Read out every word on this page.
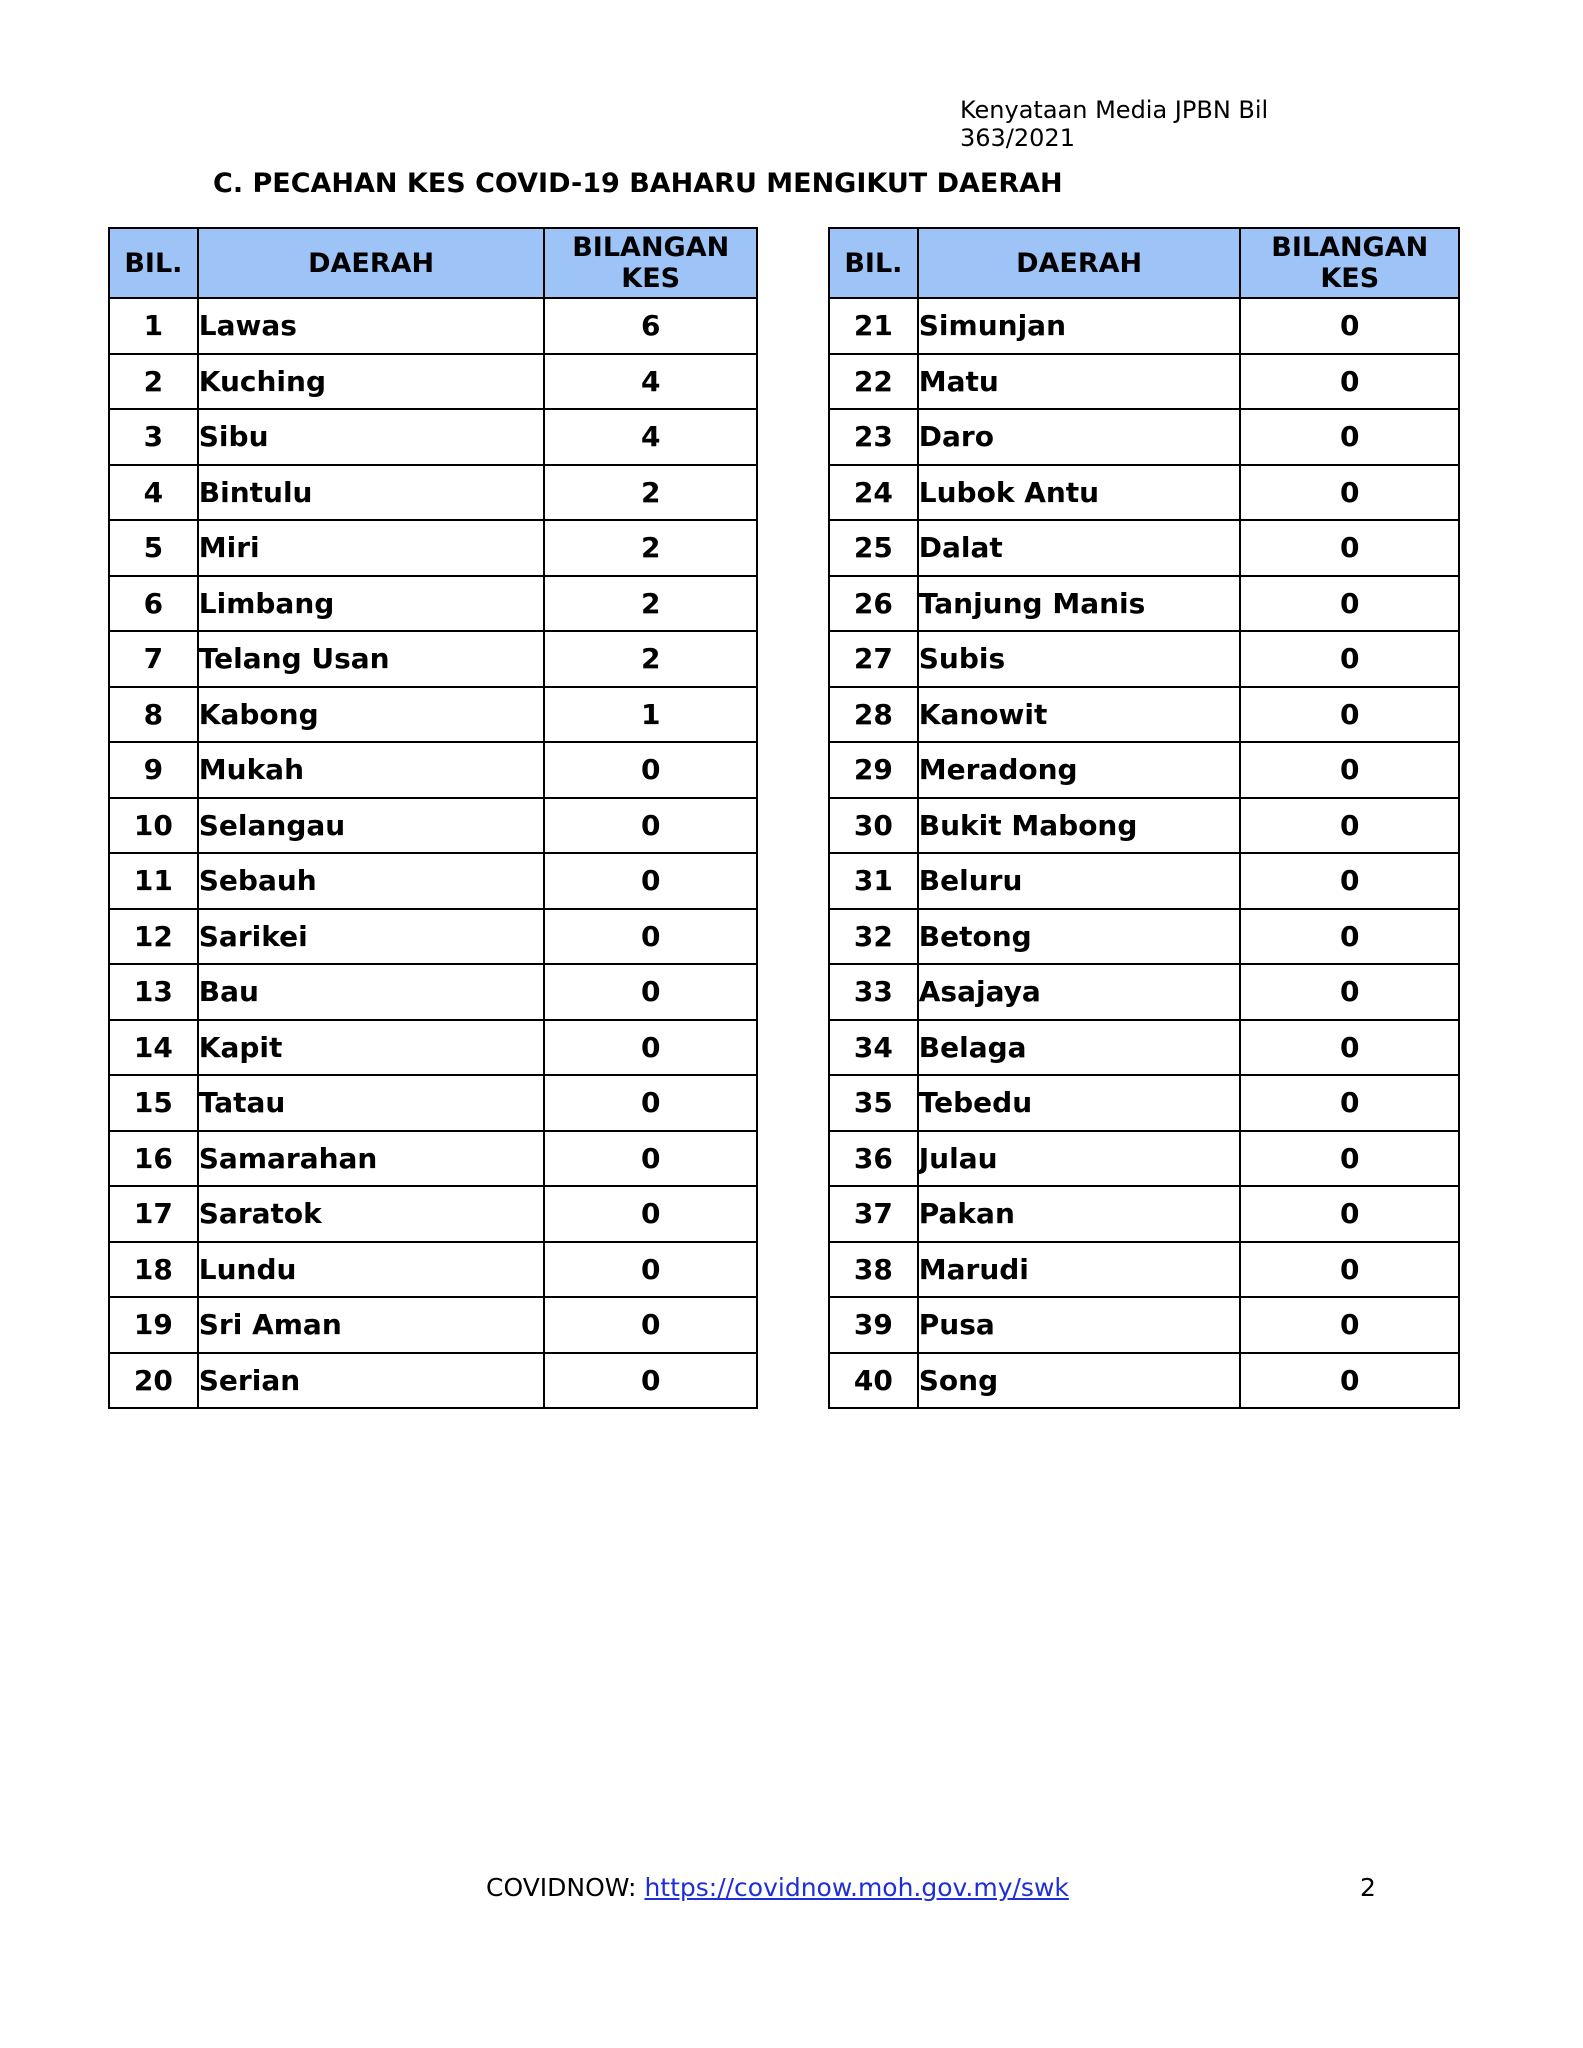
Kenyataan Media JPBN Bil 363/2021
C. PECAHAN KES COVID-19 BAHARU MENGIKUT DAERAH
BIL.	DAERAH	BILANGAN
KES
1	Lawas	6
2	Kuching	4
3	Sibu	4
4	Bintulu	2
5	Miri	2
6	Limbang	2
7	Telang Usan	2
8	Kabong	1
9	Mukah	0
10	Selangau	0
11	Sebauh	0
12	Sarikei	0
13	Bau	0
14	Kapit	0
15	Tatau	0
16	Samarahan	0
17	Saratok	0
18	Lundu	0
19	Sri Aman	0
20	Serian	0
BIL.	DAERAH	BILANGAN
KES
21	Simunjan	0
22	Matu	0
23	Daro	0
24	Lubok Antu	0
25	Dalat	0
26	Tanjung Manis	0
27	Subis	0
28	Kanowit	0
29	Meradong	0
30	Bukit Mabong	0
31	Beluru	0
32	Betong	0
33	Asajaya	0
34	Belaga	0
35	Tebedu	0
36	Julau	0
37	Pakan	0
38	Marudi	0
39	Pusa	0
40	Song	0
COVIDNOW: https://covidnow.moh.gov.my/swk	2
